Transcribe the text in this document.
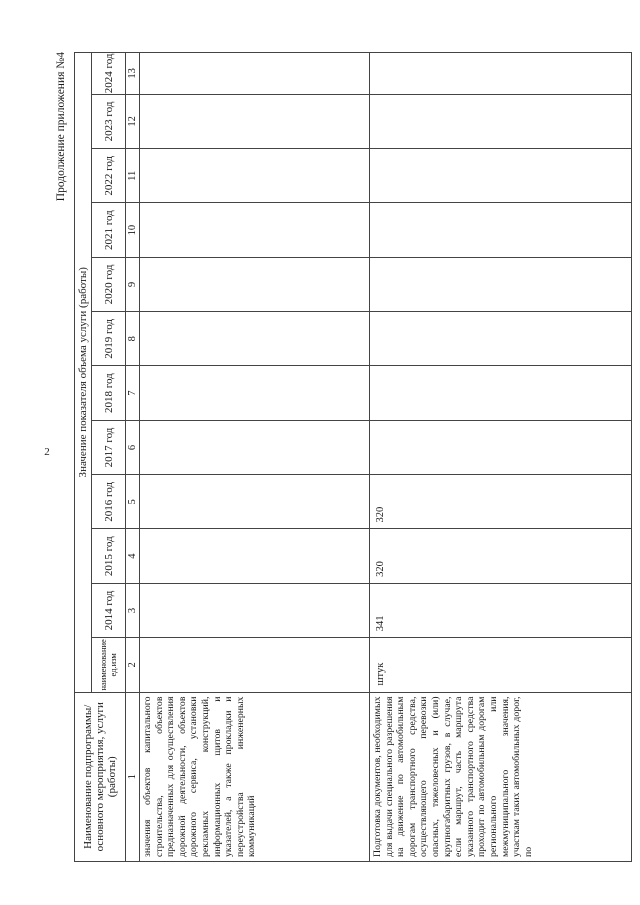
2
Продолжение приложения №4
Наименование подпрограммы/ основного мероприятия, услуги (работы)	Значение показателя объема услуги (работы)											
	наименование ед.изм	2014 год	2015 год	2016 год	2017 год	2018 год	2019 год	2020 год	2021 год	2022 год	2023 год	2024 год
1	2	3	4	5	6	7	8	9	10	11	12	13
значения объектов капитального строительства, объектов предназначенных для осуществления дорожной деятельности, объектов дорожного сервиса, установки рекламных конструкций, информационных щитов и указателей, а также прокладки и переустройства инженерных коммуникаций												
Подготовка документов, необходимых для выдачи специального разрешения на движение по автомобильным дорогам транспортного средства, осуществляющего перевозки опасных, тяжеловесных и (или) крупногабаритных грузов, в случае, если маршрут, часть маршрута указанного транспортного средства проходит по автомобильным дорогам регионального или межмуниципального значения, участкам таких автомобильных дорог, по	штук	341	320	320								
